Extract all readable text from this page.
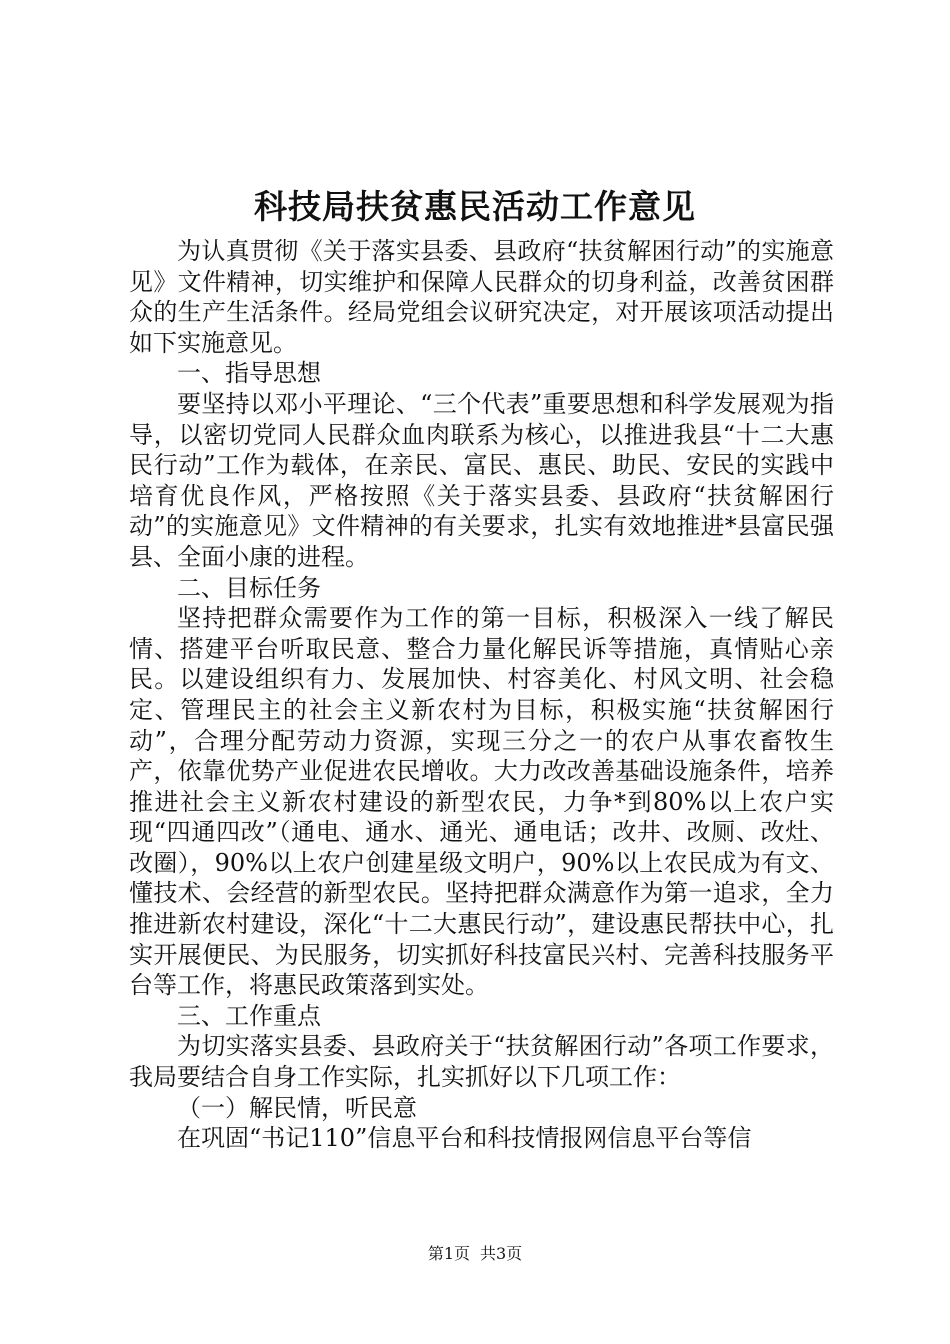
科技局扶贫惠民活动工作意见

为认真贯彻《关于落实县委、县政府“扶贫解困行动”的实施意见》文件精神，切实维护和保障人民群众的切身利益，改善贫困群众的生产生活条件。经局党组会议研究决定，对开展该项活动提出如下实施意见。

一、指导思想

要坚持以邓小平理论、“三个代表”重要思想和科学发展观为指导，以密切党同人民群众血肉联系为核心，以推进我县“十二大惠民行动”工作为载体，在亲民、富民、惠民、助民、安民的实践中培育优良作风，严格按照《关于落实县委、县政府“扶贫解困行动”的实施意见》文件精神的有关要求，扎实有效地推进*县富民强县、全面小康的进程。

二、目标任务

坚持把群众需要作为工作的第一目标，积极深入一线了解民情、搭建平台听取民意、整合力量化解民诉等措施，真情贴心亲民。以建设组织有力、发展加快、村容美化、村风文明、社会稳定、管理民主的社会主义新农村为目标，积极实施“扶贫解困行动”，合理分配劳动力资源，实现三分之一的农户从事农畜牧生产，依靠优势产业促进农民增收。大力改改善基础设施条件，培养推进社会主义新农村建设的新型农民，力争*到80%以上农户实现“四通四改”（通电、通水、通光、通电话；改井、改厕、改灶、改圈），90%以上农户创建星级文明户，90%以上农民成为有文、懂技术、会经营的新型农民。坚持把群众满意作为第一追求，全力推进新农村建设，深化“十二大惠民行动”，建设惠民帮扶中心，扎实开展便民、为民服务，切实抓好科技富民兴村、完善科技服务平台等工作，将惠民政策落到实处。

三、工作重点

为切实落实县委、县政府关于“扶贫解困行动”各项工作要求，我局要结合自身工作实际，扎实抓好以下几项工作：

（一）解民情，听民意

在巩固“书记110”信息平台和科技情报网信息平台等信

第1页 共3页
